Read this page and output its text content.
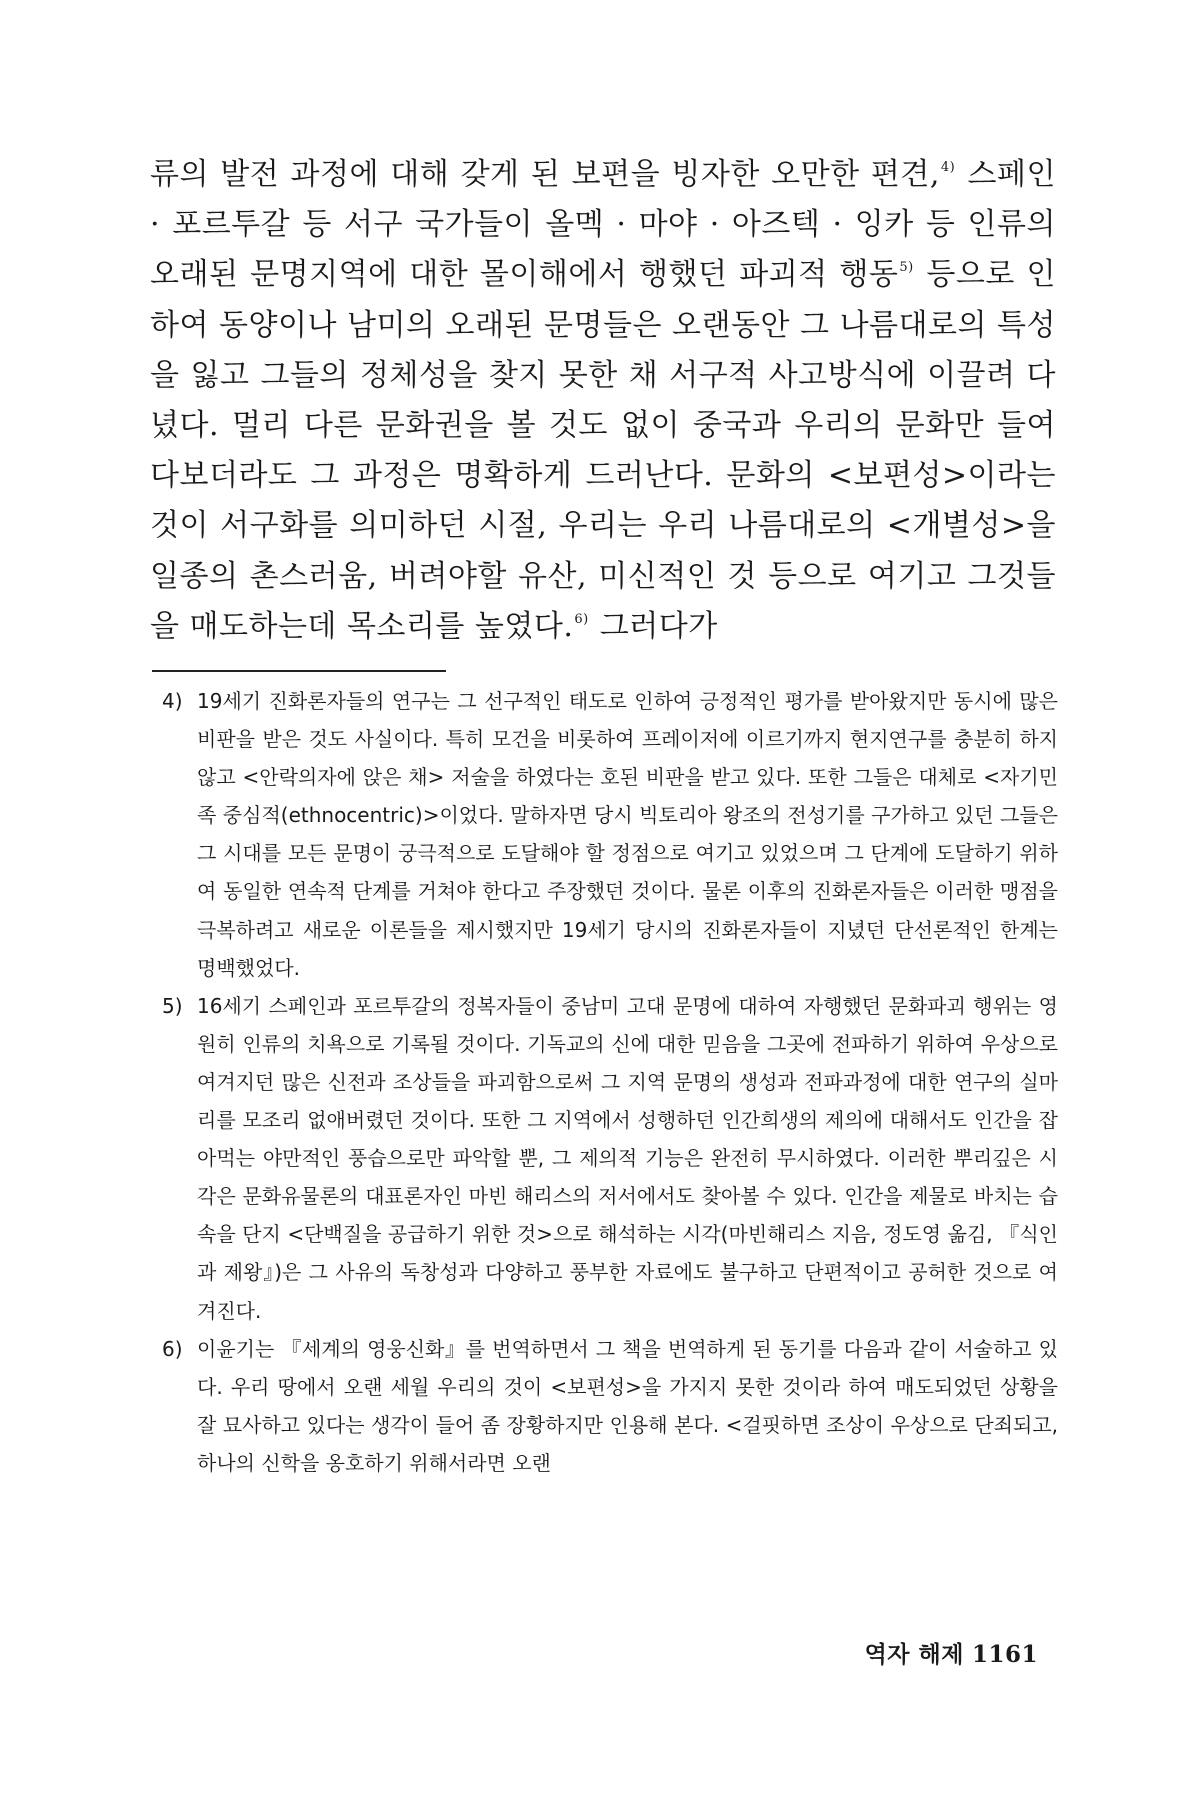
류의 발전 과정에 대해 갖게 된 보편을 빙자한 오만한 편견,$^{4)}$ 스페인 · 포르투갈 등 서구 국가들이 올멕 · 마야 · 아즈텍 · 잉카 등 인류의 오래된 문명지역에 대한 몰이해에서 행했던 파괴적 행동$^{5)}$ 등으로 인하여 동양이나 남미의 오래된 문명들은 오랜동안 그 나름대로의 특성을 잃고 그들의 정체성을 찾지 못한 채 서구적 사고방식에 이끌려 다녔다. 멀리 다른 문화권을 볼 것도 없이 중국과 우리의 문화만 들여다보더라도 그 과정은 명확하게 드러난다. 문화의 <보편성>이라는 것이 서구화를 의미하던 시절, 우리는 우리 나름대로의 <개별성>을 일종의 촌스러움, 버려야할 유산, 미신적인 것 등으로 여기고 그것들을 매도하는데 목소리를 높였다.$^{6)}$ 그러다가

4) 19세기 진화론자들의 연구는 그 선구적인 태도로 인하여 긍정적인 평가를 받아왔지만 동시에 많은 비판을 받은 것도 사실이다. 특히 모건을 비롯하여 프레이저에 이르기까지 현지연구를 충분히 하지 않고 <안락의자에 앉은 채> 저술을 하였다는 호된 비판을 받고 있다. 또한 그들은 대체로 <자기민족 중심적(ethnocentric)>이었다. 말하자면 당시 빅토리아 왕조의 전성기를 구가하고 있던 그들은 그 시대를 모든 문명이 궁극적으로 도달해야 할 정점으로 여기고 있었으며 그 단계에 도달하기 위하여 동일한 연속적 단계를 거쳐야 한다고 주장했던 것이다. 물론 이후의 진화론자들은 이러한 맹점을 극복하려고 새로운 이론들을 제시했지만 19세기 당시의 진화론자들이 지녔던 단선론적인 한계는 명백했었다.
5) 16세기 스페인과 포르투갈의 정복자들이 중남미 고대 문명에 대하여 자행했던 문화파괴 행위는 영원히 인류의 치욕으로 기록될 것이다. 기독교의 신에 대한 믿음을 그곳에 전파하기 위하여 우상으로 여겨지던 많은 신전과 조상들을 파괴함으로써 그 지역 문명의 생성과 전파과정에 대한 연구의 실마리를 모조리 없애버렸던 것이다. 또한 그 지역에서 성행하던 인간희생의 제의에 대해서도 인간을 잡아먹는 야만적인 풍습으로만 파악할 뿐, 그 제의적 기능은 완전히 무시하였다. 이러한 뿌리깊은 시각은 문화유물론의 대표론자인 마빈 해리스의 저서에서도 찾아볼 수 있다. 인간을 제물로 바치는 습속을 단지 <단백질을 공급하기 위한 것>으로 해석하는 시각(마빈해리스 지음, 정도영 옮김, 『식인과 제왕』)은 그 사유의 독창성과 다양하고 풍부한 자료에도 불구하고 단편적이고 공허한 것으로 여겨진다.
6) 이윤기는 『세계의 영웅신화』를 번역하면서 그 책을 번역하게 된 동기를 다음과 같이 서술하고 있다. 우리 땅에서 오랜 세월 우리의 것이 <보편성>을 가지지 못한 것이라 하여 매도되었던 상황을 잘 묘사하고 있다는 생각이 들어 좀 장황하지만 인용해 본다. <걸핏하면 조상이 우상으로 단죄되고, 하나의 신학을 옹호하기 위해서라면 오랜

역자 해제 1161
